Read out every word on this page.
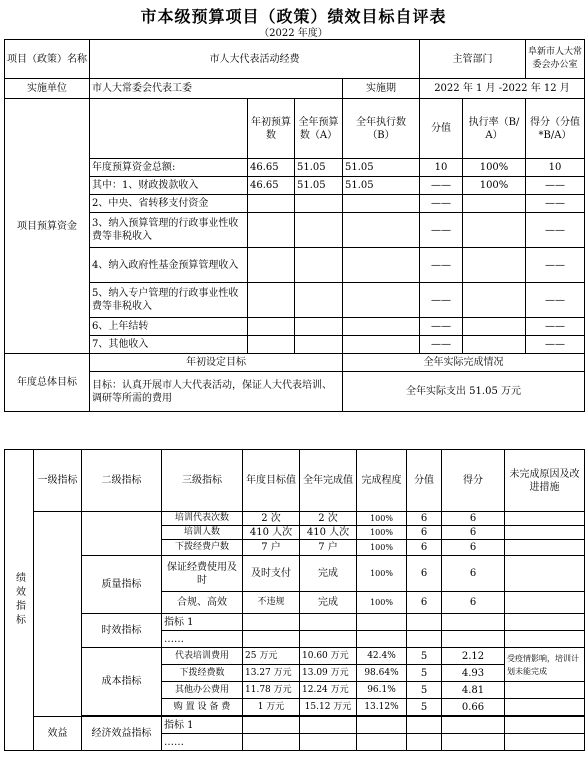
市本级预算项目（政策）绩效目标自评表
（2022 年度）
项目（政策）名称	市人大代表活动经费				主管部门		阜新市人大常委会办公室
实施单位	市人大常委会代表工委			实施期	2022 年 1 月 -2022 年 12 月		
项目预算资金		年初预算数	全年预算数（A）	全年执行数（B）	分值	执行率（B/A）	得分（分值*B/A）
	年度预算资金总额:	46.65	51.05	51.05	10	100%	10
	其中：1、财政拨款收入	46.65	51.05	51.05	——	100%	——
	2、中央、省转移支付资金				——		——
	3、纳入预算管理的行政事业性收费等非税收入				——		——
	4、纳入政府性基金预算管理收入				——		——
	5、纳入专户管理的行政事业性收费等非税收入				——		——
	6、上年结转				——		——
	7、其他收入				——		——
年度总体目标	年初设定目标			全年实际完成情况			
	目标：认真开展市人大代表活动，保证人大代表培训、调研等所需的费用			全年实际支出 51.05 万元			
绩效指标	一级指标	二级指标	三级指标	年度目标值	全年完成值	完成程度	分值	得分	未完成原因及改进措施
			培训代表次数	2 次	2 次	100%	6	6	
			培训人数	410 人次	410 人次	100%	6	6	
			下拨经费户数	7 户	7 户	100%	6	6	
		质量指标	保证经费使用及时	及时支付	完成	100%	6	6	
			合规、高效	不违规	完成	100%	6	6	
		时效指标	指标 1						
			……						
		成本指标	代表培训费用	25 万元	10.60 万元	42.4%	5	2.12	受疫情影响，培训计划未能完成
			下拨经费数	13.27 万元	13.09 万元	98.64%	5	4.93	
			其他办公费用	11.78 万元	12.24 万元	96.1%	5	4.81	
			购 置 设 备 费	1 万元	15.12 万元	13.12%	5	0.66	

	效益	经济效益指标	指标 1						
			……						
